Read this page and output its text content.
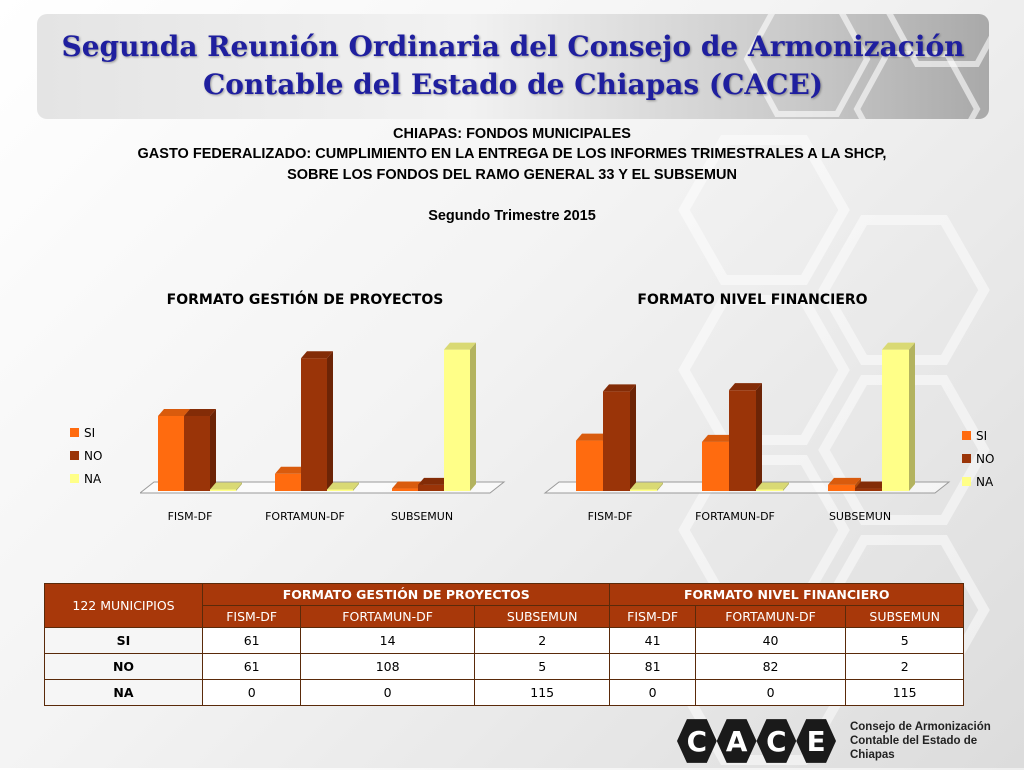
Segunda Reunión Ordinaria del Consejo de Armonización
Contable del Estado de Chiapas (CACE)
CHIAPAS: FONDOS MUNICIPALES
GASTO FEDERALIZADO: CUMPLIMIENTO EN LA ENTREGA DE LOS INFORMES TRIMESTRALES A LA SHCP,
SOBRE LOS FONDOS DEL RAMO GENERAL 33 Y EL SUBSEMUN
Segundo Trimestre 2015
FORMATO GESTIÓN DE PROYECTOS
SI
NO
NA
FISM-DF	FORTAMUN-DF	SUBSEMUN
FORMATO NIVEL FINANCIERO
SI
NO
NA
FISM-DF	FORTAMUN-DF	SUBSEMUN
122 MUNICIPIOS	FORMATO GESTIÓN DE PROYECTOS			FORMATO NIVEL FINANCIERO		
	FISM-DF	FORTAMUN-DF	SUBSEMUN	FISM-DF	FORTAMUN-DF	SUBSEMUN
SI	61	14	2	41	40	5
NO	61	108	5	81	82	2
NA	0	0	115	0	0	115
C A C E Consejo de Armonización
Contable del Estado de Chiapas
